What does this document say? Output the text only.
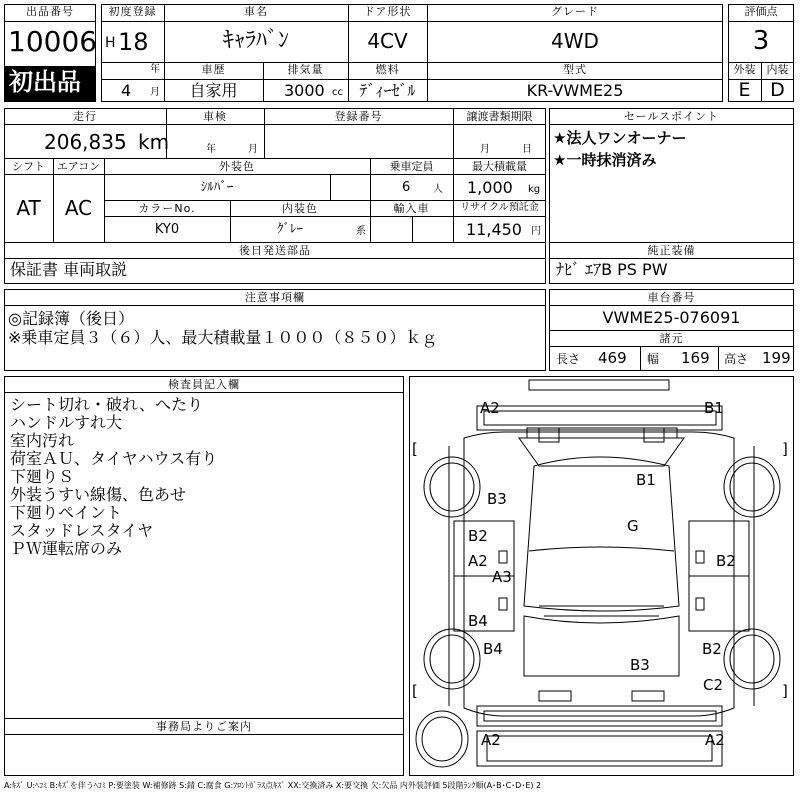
出品番号
10006
初出品
初度登録
H 18
年
4 月
車名
ｷｬﾗﾊﾞﾝ
ドア形状
4CV
グレード
4WD
車歴
自家用
排気量
3000 cc
燃料
ﾃﾞｨｰｾﾞﾙ
型式
KR-VWME25
評価点
3
外装	内装
E	D
走行
206,835 km
車検
年	月
登録番号	譲渡書類期限
月	日
シフト
AT
エアコン
AC
外装色
ｼﾙﾊﾞｰ
乗車定員
6 人
最大積載量
1,000 kg
カラーNo.
KY0
内装色
ｸﾞﾚｰ	系
輸入車	リサイクル預託金
11,450 円
後日発送部品
保証書 車両取説
セールスポイント
★法人ワンオーナー
★一時抹消済み
純正装備
ﾅﾋﾞ ｴｱB PS PW
注意事項欄
◎記録簿（後日）
※乗車定員３（６）人、最大積載量１０００（８５０）ｋｇ
車台番号
VWME25-076091
諸元
長さ 469 幅 169 高さ 199
検査員記入欄
シート切れ・破れ、へたり
ハンドルすれ大
室内汚れ
荷室ＡＵ、タイヤハウス有り
下廻りＳ
外装うすい線傷、色あせ
下廻りペイント
スタッドレスタイヤ
ＰＷ運転席のみ
事務局よりご案内
A2	B1
B3
B1
G
B2
A2
A3
B2
B4
B4	B2
B3
C2
A2	A2
[	]
[	]
A:ｷｽﾞ U:ﾍｺﾐ B:ｷｽﾞを伴うﾍｺﾐ P:要塗装 W:補修跡 S:錆 C:腐食 G:ﾌﾛﾝﾄｶﾞﾗｽ点ｷｽﾞ XX:交換済み X:要交換 欠:欠品 内外装評価 5段階ﾗﾝｸ順(A･B･C･D･E) 2
